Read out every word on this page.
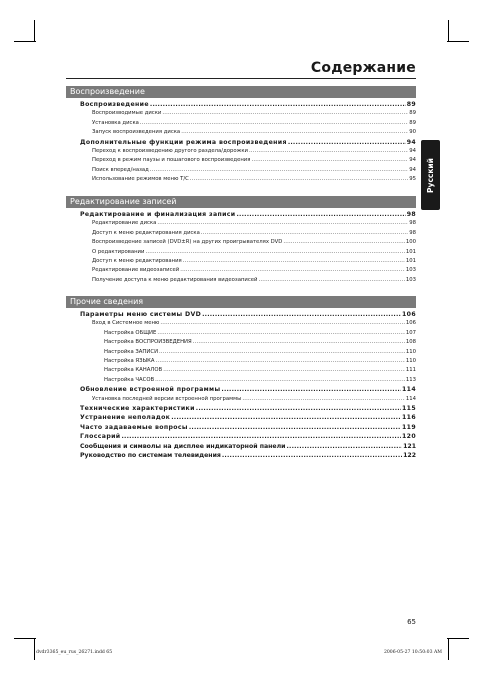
Содержание
Воспроизведение
Воспроизведение .....	89
Воспроизводимые диски .....	89
Установка диска .....	89
Запуск воспроизведения диска .....	90
Дополнительные функции режима воспроизведения .....	94
Переход к воспроизведению другого раздела/дорожки .....	94
Переход в режим паузы и пошагового воспроизведения .....	94
Поиск вперед/назад .....	94
Использование режимов меню T/C .....	95
Редактирование записей
Редактирование и финализация записи .....	98
Редактирование диска .....	98
Доступ к меню редактирования диска .....	98
Воспроизведение записей (DVD±R) на других проигрывателях DVD .....	100
О редактировании .....	101
Доступ к меню редактирования .....	101
Редактирование видеозаписей .....	103
Получение доступа к меню редактирования видеозаписей .....	103
Прочие сведения
Параметры меню системы DVD .....	106
Вход в Системное меню .....	106
Настройка ОБЩИЕ .....	107
Настройка ВОСПРОИЗВЕДЕНИЯ .....	108
Настройка ЗАПИСИ .....	110
Настройка ЯЗЫКА .....	110
Настройка КАНАЛОВ .....	111
Настройка ЧАСОВ .....	113
Обновление встроенной программы .....	114
Установка последней версии встроенной программы .....	114
Технические характеристики .....	115
Устранение неполадок .....	116
Часто задаваемые вопросы .....	119
Глоссарий .....	120
Сообщения и символы на дисплее индикаторной панели .....	121
Руководство по системам телевидения .....	122
Русский
65
dvdr3365_eu_rus_26271.indd 65	2006-05-27 10:50:03 AM
